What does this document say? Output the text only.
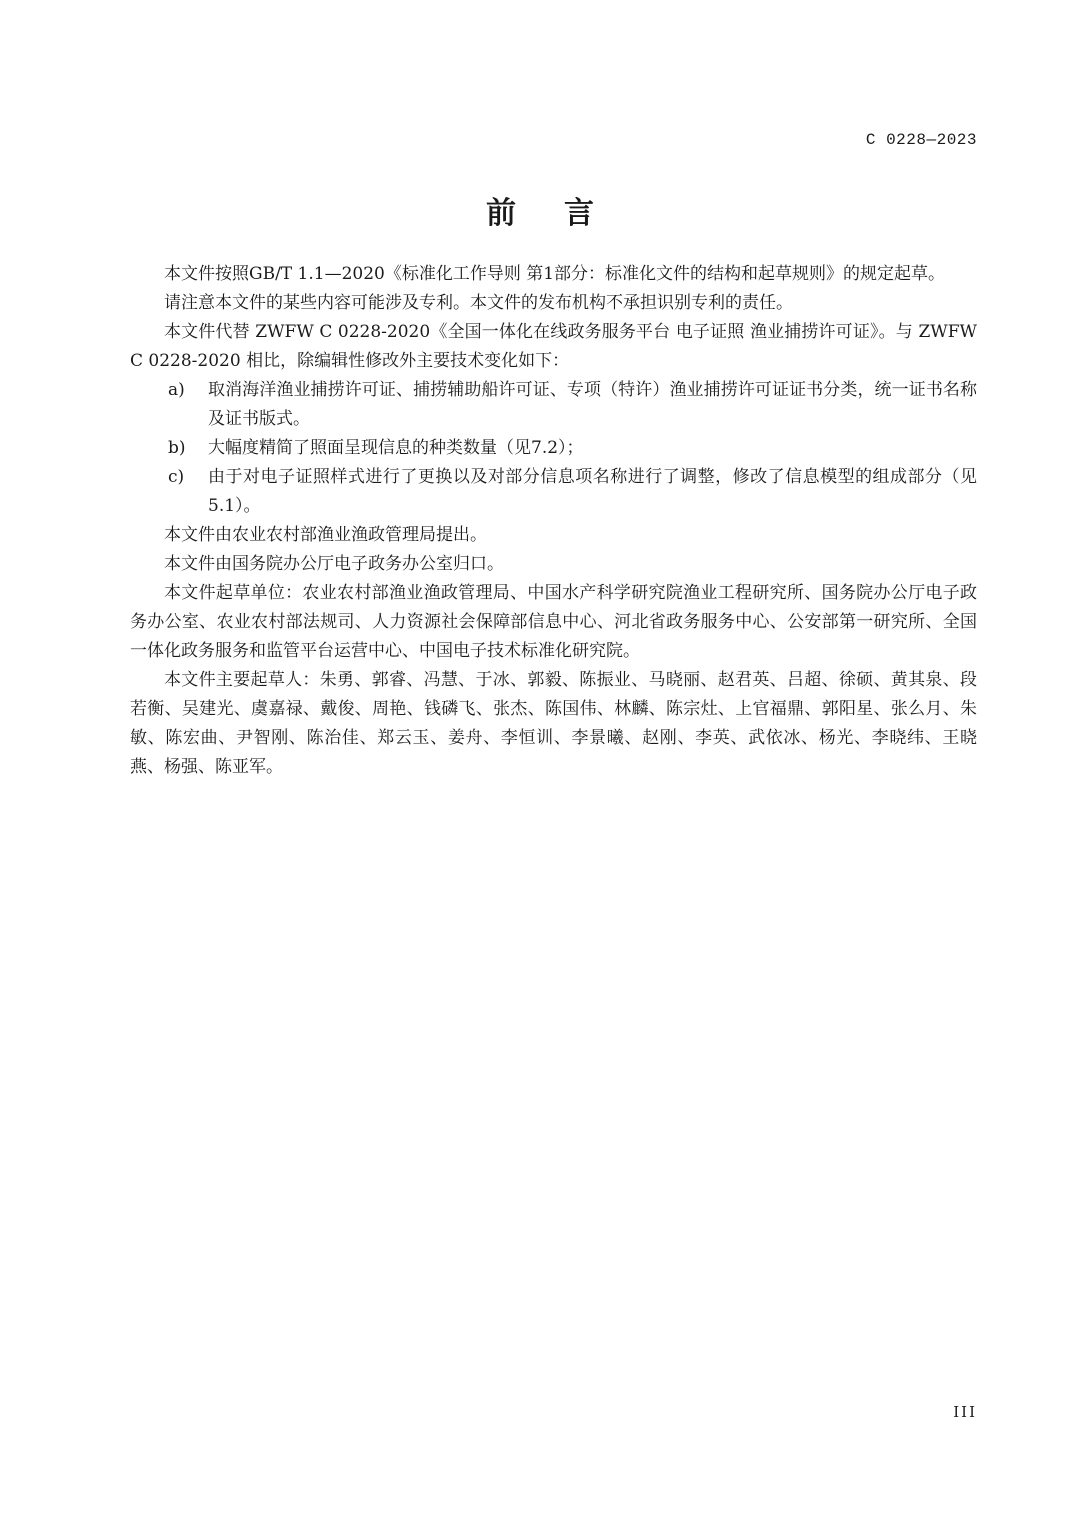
C 0228—2023
前言

本文件按照GB/T 1.1—2020《标准化工作导则 第1部分：标准化文件的结构和起草规则》的规定起草。

请注意本文件的某些内容可能涉及专利。本文件的发布机构不承担识别专利的责任。

本文件代替 ZWFW C 0228-2020《全国一体化在线政务服务平台 电子证照 渔业捕捞许可证》。与 ZWFW C 0228-2020 相比，除编辑性修改外主要技术变化如下：

a) 取消海洋渔业捕捞许可证、捕捞辅助船许可证、专项（特许）渔业捕捞许可证证书分类，统一证书名称及证书版式。
b) 大幅度精简了照面呈现信息的种类数量（见7.2）；
c) 由于对电子证照样式进行了更换以及对部分信息项名称进行了调整，修改了信息模型的组成部分（见5.1）。

本文件由农业农村部渔业渔政管理局提出。

本文件由国务院办公厅电子政务办公室归口。

本文件起草单位：农业农村部渔业渔政管理局、中国水产科学研究院渔业工程研究所、国务院办公厅电子政务办公室、农业农村部法规司、人力资源社会保障部信息中心、河北省政务服务中心、公安部第一研究所、全国一体化政务服务和监管平台运营中心、中国电子技术标准化研究院。

本文件主要起草人：朱勇、郭睿、冯慧、于冰、郭毅、陈振业、马晓丽、赵君英、吕超、徐硕、黄其泉、段若衡、吴建光、虞嘉禄、戴俊、周艳、钱磷飞、张杰、陈国伟、林麟、陈宗灶、上官福鼎、郭阳星、张么月、朱敏、陈宏曲、尹智刚、陈治佳、郑云玉、姜舟、李恒训、李景曦、赵刚、李英、武依冰、杨光、李晓纬、王晓燕、杨强、陈亚军。

III
